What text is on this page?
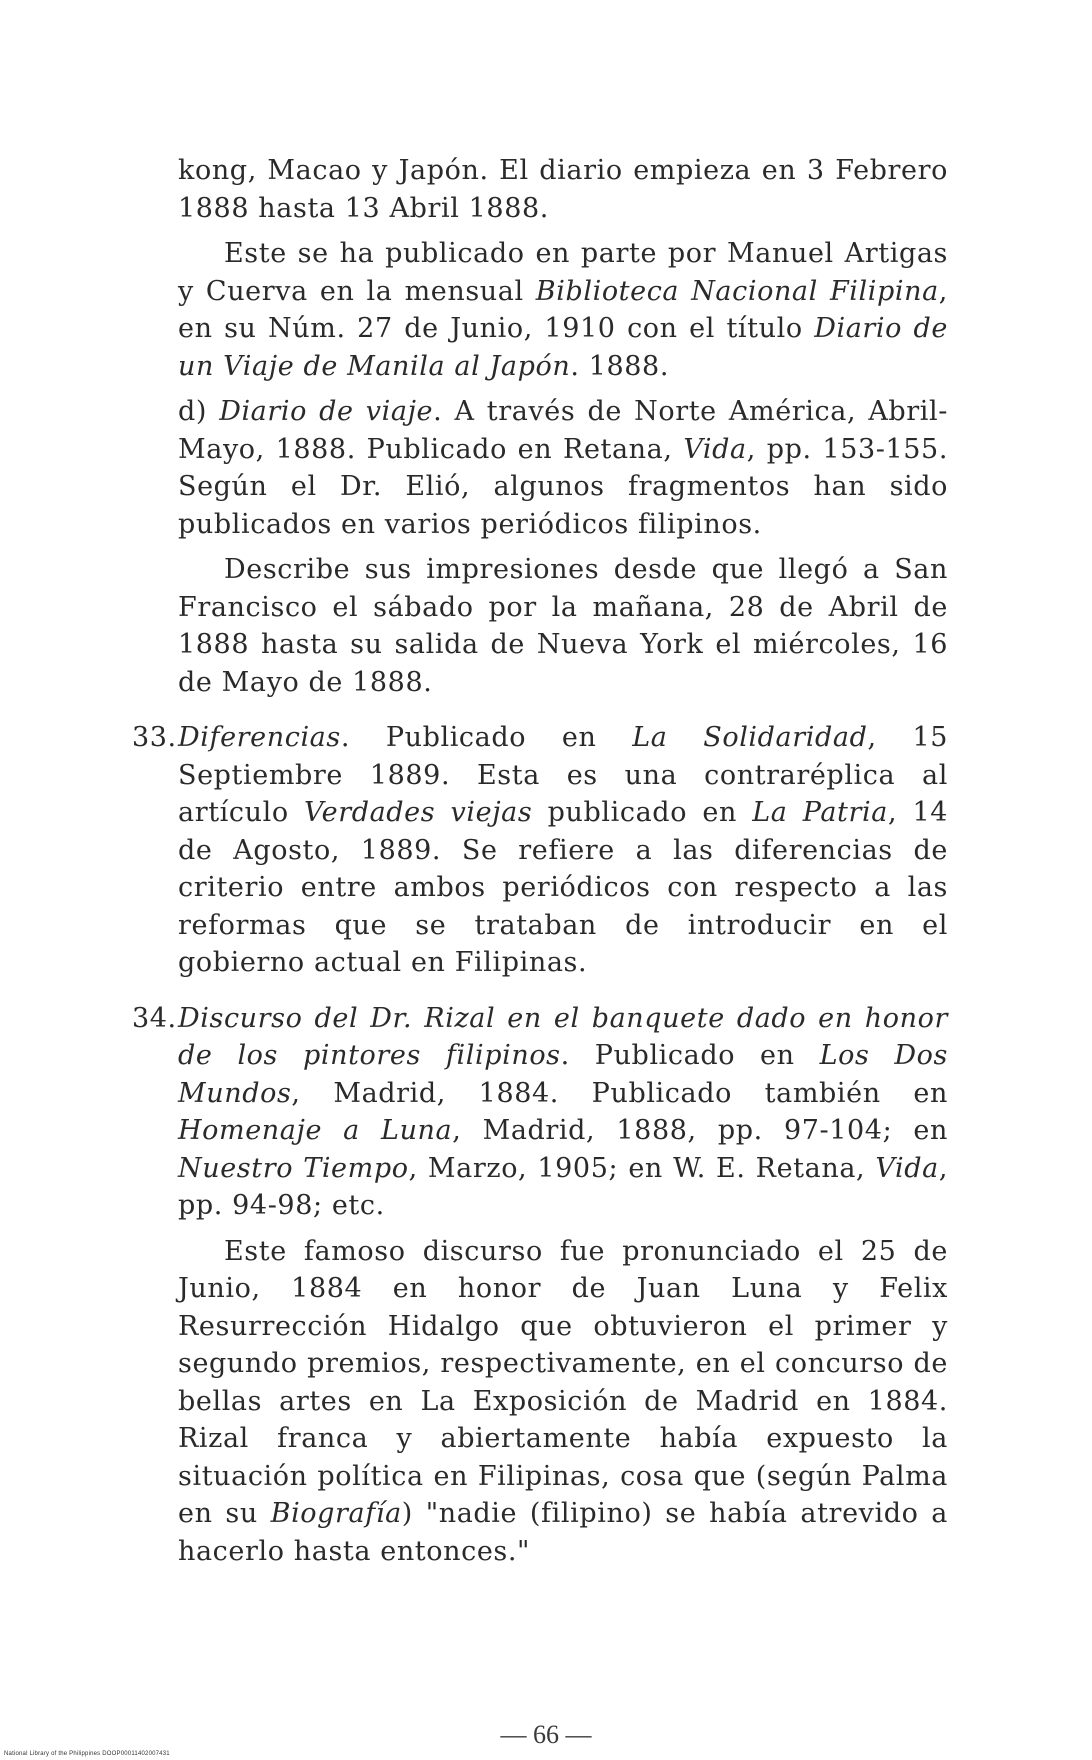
kong, Macao y Japón. El diario empieza en 3 Febrero 1888 hasta 13 Abril 1888.

Este se ha publicado en parte por Manuel Artigas y Cuerva en la mensual Biblioteca Nacional Filipina, en su Núm. 27 de Junio, 1910 con el título Diario de un Viaje de Manila al Japón. 1888.

d) Diario de viaje. A través de Norte América, Abril-Mayo, 1888. Publicado en Retana, Vida, pp. 153-155. Según el Dr. Elió, algunos fragmentos han sido publicados en varios periódicos filipinos.

Describe sus impresiones desde que llegó a San Francisco el sábado por la mañana, 28 de Abril de 1888 hasta su salida de Nueva York el miércoles, 16 de Mayo de 1888.

33. Diferencias. Publicado en La Solidaridad, 15 Septiembre 1889. Esta es una contraréplica al artículo Verdades viejas publicado en La Patria, 14 de Agosto, 1889. Se refiere a las diferencias de criterio entre ambos periódicos con respecto a las reformas que se trataban de introducir en el gobierno actual en Filipinas.

34. Discurso del Dr. Rizal en el banquete dado en honor de los pintores filipinos. Publicado en Los Dos Mundos, Madrid, 1884. Publicado también en Homenaje a Luna, Madrid, 1888, pp. 97-104; en Nuestro Tiempo, Marzo, 1905; en W. E. Retana, Vida, pp. 94-98; etc.

Este famoso discurso fue pronunciado el 25 de Junio, 1884 en honor de Juan Luna y Felix Resurrección Hidalgo que obtuvieron el primer y segundo premios, respectivamente, en el concurso de bellas artes en La Exposición de Madrid en 1884. Rizal franca y abiertamente había expuesto la situación política en Filipinas, cosa que (según Palma en su Biografía) "nadie (filipino) se había atrevido a hacerlo hasta entonces."

— 66 —
National Library of the Philippines DOOP00011402007431
